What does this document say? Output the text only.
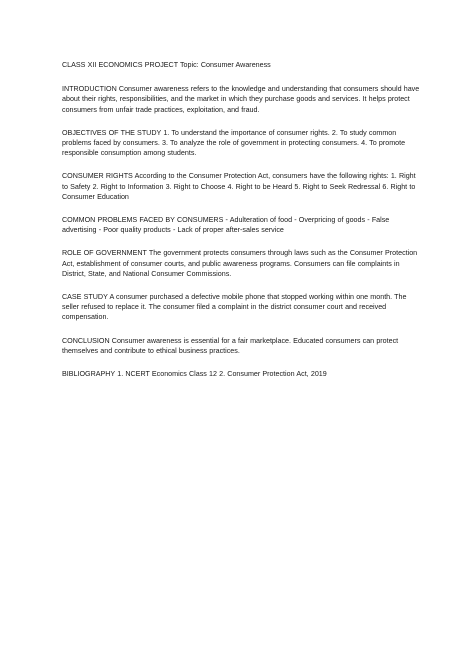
CLASS XII ECONOMICS PROJECT Topic: Consumer Awareness

INTRODUCTION Consumer awareness refers to the knowledge and understanding that consumers should have about their rights, responsibilities, and the market in which they purchase goods and services. It helps protect consumers from unfair trade practices, exploitation, and fraud.

OBJECTIVES OF THE STUDY 1. To understand the importance of consumer rights. 2. To study common problems faced by consumers. 3. To analyze the role of government in protecting consumers. 4. To promote responsible consumption among students.

CONSUMER RIGHTS According to the Consumer Protection Act, consumers have the following rights: 1. Right to Safety 2. Right to Information 3. Right to Choose 4. Right to be Heard 5. Right to Seek Redressal 6. Right to Consumer Education

COMMON PROBLEMS FACED BY CONSUMERS - Adulteration of food - Overpricing of goods - False advertising - Poor quality products - Lack of proper after-sales service

ROLE OF GOVERNMENT The government protects consumers through laws such as the Consumer Protection Act, establishment of consumer courts, and public awareness programs. Consumers can file complaints in District, State, and National Consumer Commissions.

CASE STUDY A consumer purchased a defective mobile phone that stopped working within one month. The seller refused to replace it. The consumer filed a complaint in the district consumer court and received compensation.

CONCLUSION Consumer awareness is essential for a fair marketplace. Educated consumers can protect themselves and contribute to ethical business practices.

BIBLIOGRAPHY 1. NCERT Economics Class 12 2. Consumer Protection Act, 2019
